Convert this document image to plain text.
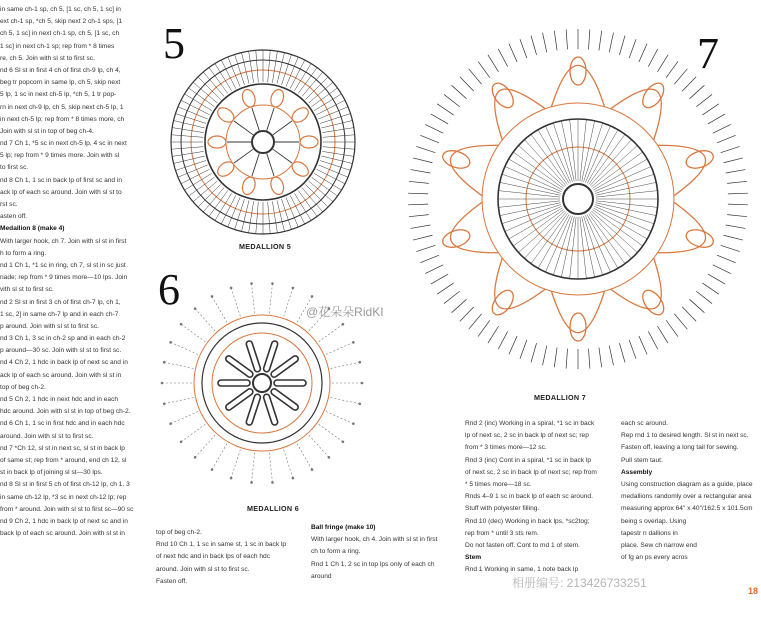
in same ch-1 sp, ch 5, [1 sc, ch 5, 1 sc] in
ext ch-1 sp, *ch 5, skip next 2 ch-1 sps, [1
ch 5, 1 sc] in next ch-1 sp, ch 5, [1 sc, ch
1 sc] in next ch-1 sp; rep from * 8 times
re, ch 5. Join with sl st to first sc.
nd 6 Sl st in first 4 ch of first ch-9 lp, ch 4,
beg tr popcorn in same lp, ch 5, skip next
5 lp, 1 sc in next ch-5 lp, *ch 5, 1 tr pop-
rn in next ch-9 lp, ch 5, skip next ch-5 lp, 1
in next ch-5 lp; rep from * 8 times more, ch
Join with sl st in top of beg ch-4.
nd 7 Ch 1, *5 sc in next ch-5 lp, 4 sc in next
5 lp; rep from * 9 times more. Join with sl
to first sc.
nd 8 Ch 1, 1 sc in back lp of first sc and in
ack lp of each sc around. Join with sl st to
rst sc.
asten off.
Medallion 8 (make 4)
With larger hook, ch 7. Join with sl st in first
h to form a ring.
nd 1 Ch 1, *1 sc in ring, ch 7, sl st in sc just
nade; rep from * 9 times more—10 lps. Join
vith sl st to first sc.
nd 2 Sl st in first 3 ch of first ch-7 lp, ch 1,
1 sc, 2] in same ch-7 lp and in each ch-7
p around. Join with sl st to first sc.
nd 3 Ch 1, 3 sc in ch-2 sp and in each ch-2
p around—30 sc. Join with sl st to first sc.
nd 4 Ch 2, 1 hdc in back lp of next sc and in
ack lp of each sc around. Join with sl st in
top of beg ch-2.
nd 5 Ch 2, 1 hdc in next hdc and in each
hdc around. Join with sl st in top of beg ch-2.
nd 6 Ch 1, 1 sc in first hdc and in each hdc
around. Join with sl st to first sc.
nd 7 *Ch 12, sl st in next sc, sl st in back lp
of same st; rep from * around, end ch 12, sl
st in back lp of joining sl st—30 lps.
nd 8 Sl st in first 5 ch of first ch-12 lp, ch 1, 3
in same ch-12 lp, *3 sc in next ch-12 lp; rep
from * around. Join with sl st to first sc—90 sc
nd 9 Ch 2, 1 hdc in back lp of next sc and in
back lp of each sc around. Join with sl st in	top of beg ch-2.
Rnd 10 Ch 1, 1 sc in same st, 1 sc in back lp
of next hdc and in back lps of each hdc
around. Join with sl st to first sc.
Fasten off.
Ball fringe (make 10)
With larger hook, ch 4. Join with sl st in first
ch to form a ring.
Rnd 1 Ch 1, 2 sc in top lps only of each ch
around
Rnd 2 (inc) Working in a spiral, *1 sc in back
lp of next sc, 2 sc in back lp of next sc; rep
from * 3 times more—12 sc.
Rnd 3 (inc) Cont in a spiral, *1 sc in back lp
of next sc, 2 sc in back lp of next sc; rep from
* 5 times more—18 sc.
Rnds 4–9 1 sc in back lp of each sc around.
Stuff with polyester filling.
Rnd 10 (dec) Working in back lps, *sc2tog;
rep from * until 3 sts rem.
Do not fasten off. Cont to md 1 of stem.
Stem
Rnd 1 Working in same, 1 note back lp
each sc around.
Rep rnd 1 to desired length. Sl st in next sc.
Fasten off, leaving a long tail for sewing.
Pull stem taut.
Assembly
Using construction diagram as a guide, place
medallions randomly over a rectangular area
measuring approx 64" x 40"/162.5 x 101.5cm
being s overlap. Using
tapestr n dallions in
place. Sew ch narrow end
of fg an ps every acros
5
6
7
MEDALLION 5
MEDALLION 6
MEDALLION 7
@花朵朵RidKI
相册编号: 213426733251
18
